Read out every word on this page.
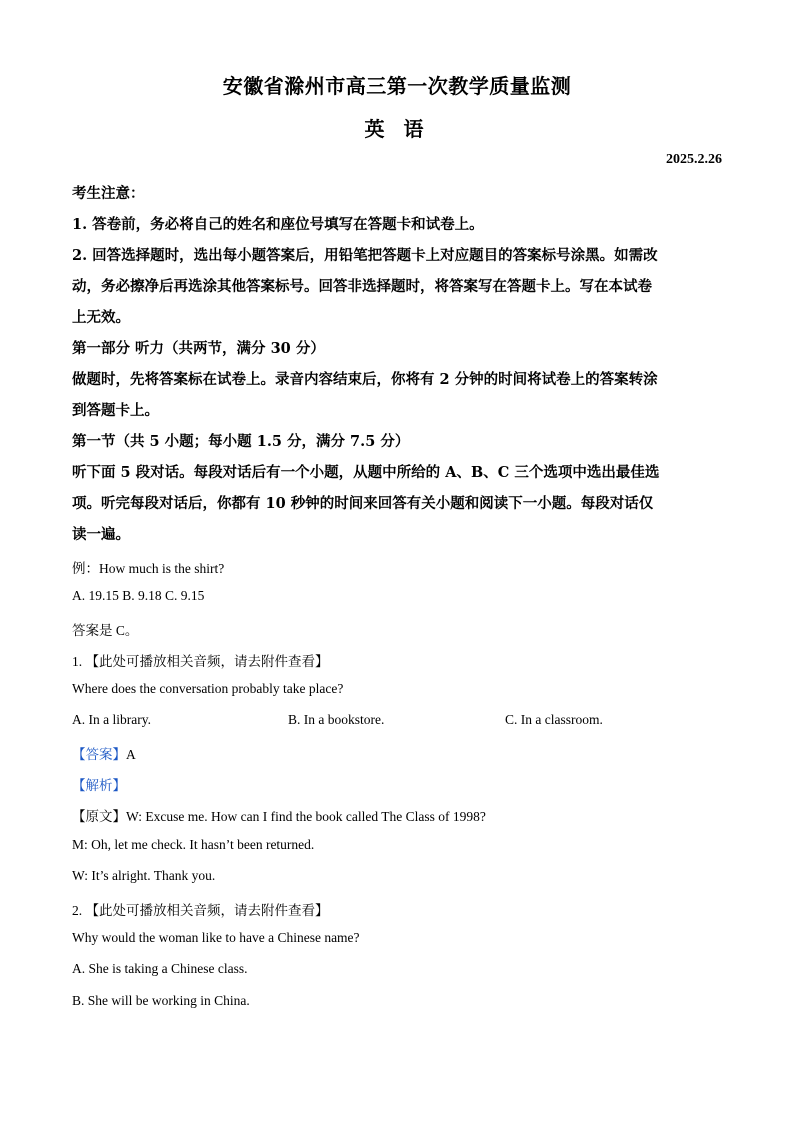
安徽省滁州市高三第一次教学质量监测
英 语
2025.2.26
考生注意：
1. 答卷前，务必将自己的姓名和座位号填写在答题卡和试卷上。
2. 回答选择题时，选出每小题答案后，用铅笔把答题卡上对应题目的答案标号涂黑。如需改
动，务必擦净后再选涂其他答案标号。回答非选择题时，将答案写在答题卡上。写在本试卷
上无效。
第一部分 听力（共两节，满分 30 分）
做题时，先将答案标在试卷上。录音内容结束后，你将有 2 分钟的时间将试卷上的答案转涂
到答题卡上。
第一节（共 5 小题；每小题 1.5 分，满分 7.5 分）
听下面 5 段对话。每段对话后有一个小题，从题中所给的 A、B、C 三个选项中选出最佳选
项。听完每段对话后，你都有 10 秒钟的时间来回答有关小题和阅读下一小题。每段对话仅
读一遍。
例：How much is the shirt?
A. 19.15 B. 9.18 C. 9.15
答案是 C。
1. 【此处可播放相关音频，请去附件查看】
Where does the conversation probably take place?
A. In a library.	B. In a bookstore.	C. In a classroom.
【答案】A
【解析】
【原文】W: Excuse me. How can I find the book called The Class of 1998?
M: Oh, let me check. It hasn’t been returned.
W: It’s alright. Thank you.
2. 【此处可播放相关音频，请去附件查看】
Why would the woman like to have a Chinese name?
A. She is taking a Chinese class.
B. She will be working in China.
